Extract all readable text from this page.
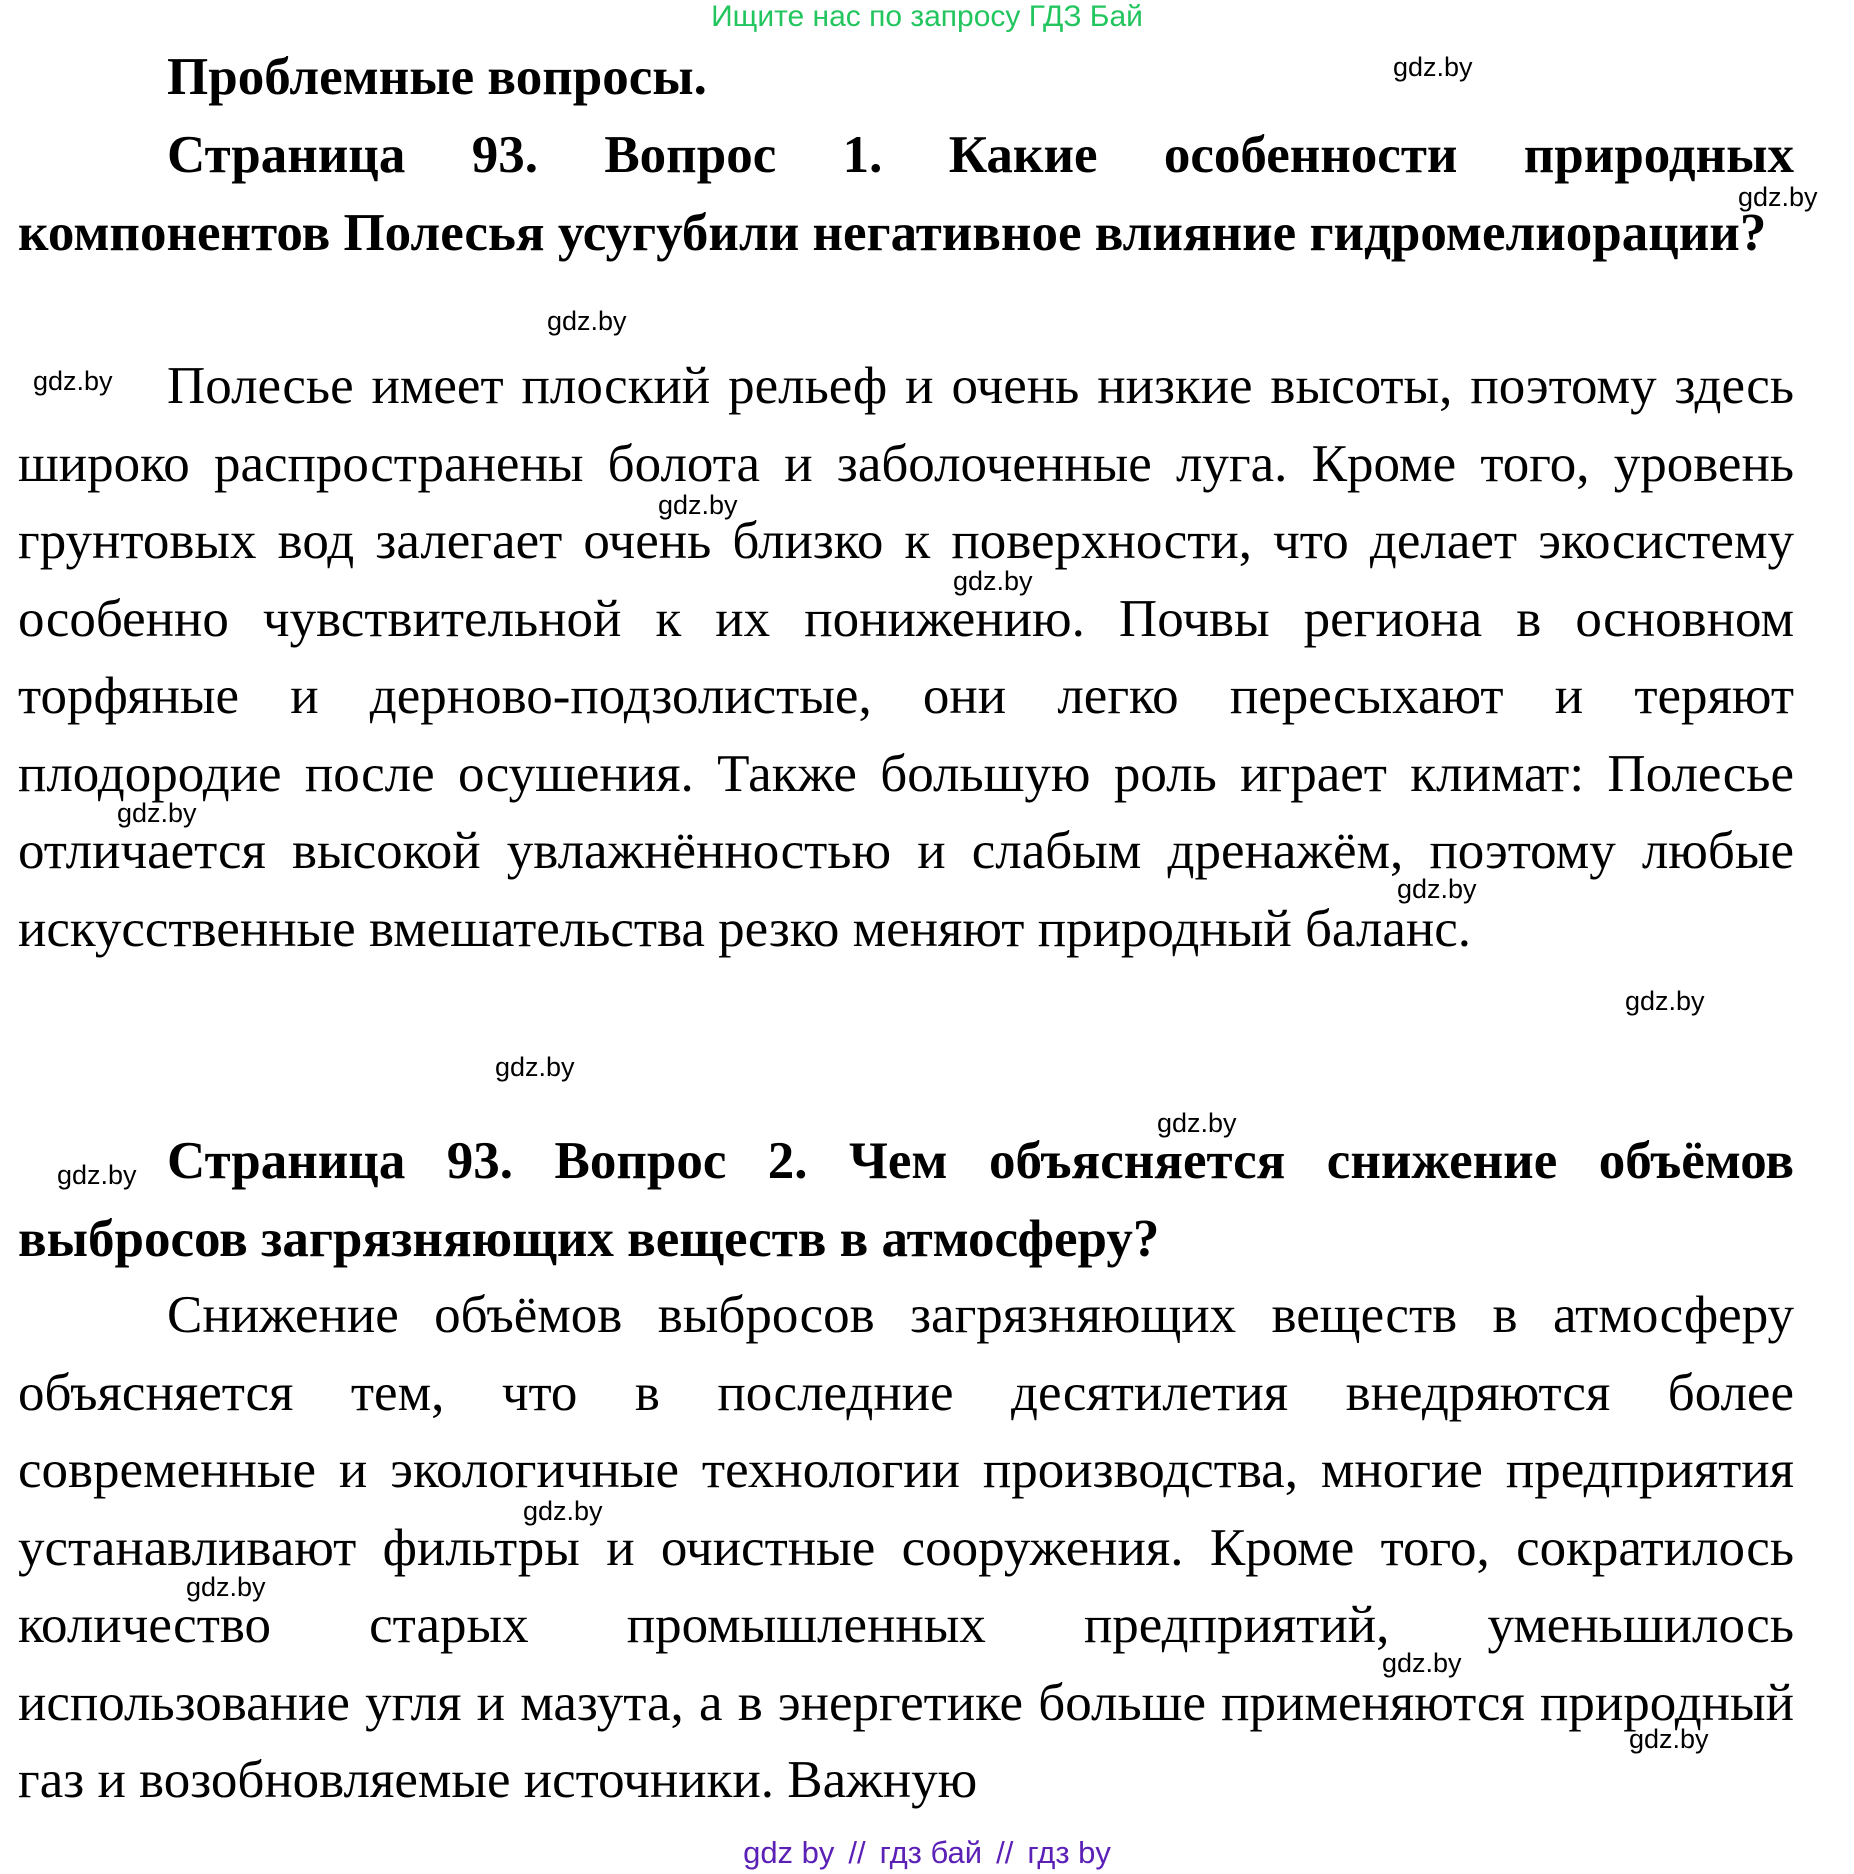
Ищите нас по запросу ГДЗ Бай
Проблемные вопросы.
Страница 93. Вопрос 1. Какие особенности природных компонентов Полесья усугубили негативное влияние гидромелиорации?
Полесье имеет плоский рельеф и очень низкие высоты, поэтому здесь широко распространены болота и заболоченные луга. Кроме того, уровень грунтовых вод залегает очень близко к поверхности, что делает экосистему особенно чувствительной к их понижению. Почвы региона в основном торфяные и дерново-подзолистые, они легко пересыхают и теряют плодородие после осушения. Также большую роль играет климат: Полесье отличается высокой увлажнённостью и слабым дренажём, поэтому любые искусственные вмешательства резко меняют природный баланс.
Страница 93. Вопрос 2. Чем объясняется снижение объёмов выбросов загрязняющих веществ в атмосферу?
Снижение объёмов выбросов загрязняющих веществ в атмосферу объясняется тем, что в последние десятилетия внедряются более современные и экологичные технологии производства, многие предприятия устанавливают фильтры и очистные сооружения. Кроме того, сократилось количество старых промышленных предприятий, уменьшилось использование угля и мазута, а в энергетике больше применяются природный газ и возобновляемые источники. Важную
gdz.by
gdz.by
gdz.by
gdz.by
gdz.by
gdz.by
gdz.by
gdz.by
gdz.by
gdz.by
gdz.by
gdz.by
gdz.by
gdz.by
gdz.by
gdz.by
gdz by // гдз бай // гдз by
